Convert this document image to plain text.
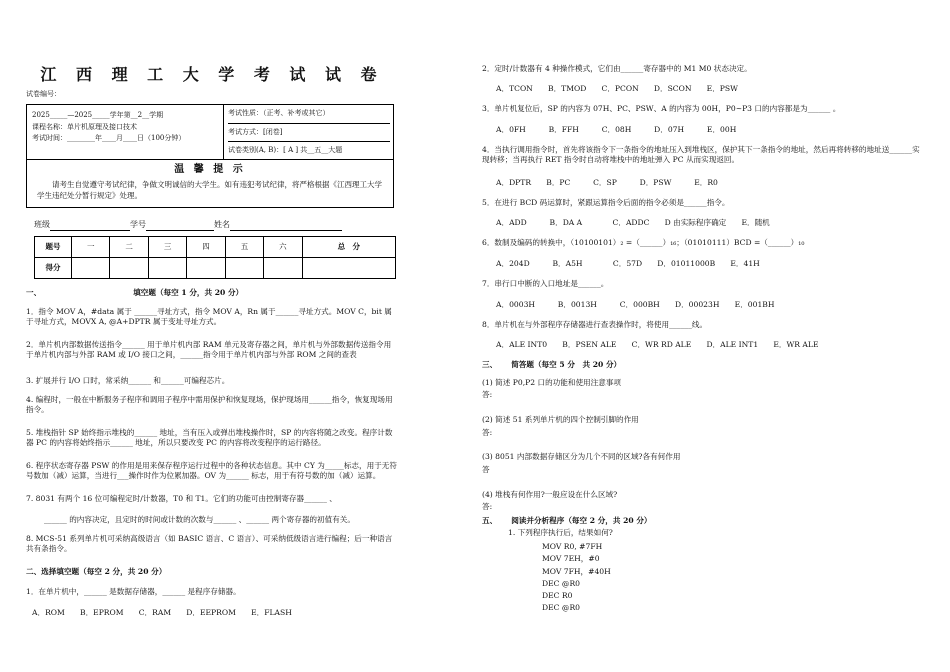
江 西 理 工 大 学 考 试 试 卷
试卷编号：
2025_____—2025_____学年第__2__学期
课程名称：单片机原理及接口技术
考试时间：________年____月____日（100分钟）
考试性质：（正考、补考或其它）
考试方式：[闭卷]
试卷类别(A, B)：[ A ] 共__五__大题
温 馨 提 示
请考生自觉遵守考试纪律，争做文明诚信的大学生。如有违犯考试纪律，将严格根据《江西理工大学学生违纪处分暂行规定》处理。
班级	学号	姓名
题号	一	二	三	四	五	六	总　分
得分							
一、	填空题（每空 1 分，共 20 分）
1．指令 MOV A，#data 属于 ______寻址方式，指令 MOV A，Rn 属于______寻址方式。MOV C，bit 属于寻址方式，MOVX A, @A+DPTR 属于变址寻址方式。
2．单片机内部数据传送指令______ 用于单片机内部 RAM 单元及寄存器之间，单片机与外部数据传送指令用于单片机内部与外部 RAM 或 I/O 接口之间，______指令用于单片机内部与外部 ROM 之间的查表
3. 扩展并行 I/O 口时，常采纳______ 和______可编程芯片。
4. 编程时，一般在中断服务子程序和调用子程序中需用保护和恢复现场，保护现场用______指令，恢复现场用指令。
5. 堆栈指针 SP 始终指示堆栈的______ 地址，当有压入或弹出堆栈操作时，SP 的内容将随之改变。程序计数器 PC 的内容将始终指示______ 地址，所以只要改变 PC 的内容将改变程序的运行路径。
6. 程序状态寄存器 PSW 的作用是用来保存程序运行过程中的各种状态信息。其中 CY 为_____标志，用于无符号数加（减）运算，当进行___操作时作为位累加器。OV 为______ 标志，用于有符号数的加（减）运算。
7. 8031 有两个 16 位可编程定时/计数器，T0 和 T1。它们的功能可由控制寄存器______ 、
______ 的内容决定，且定时的时间或计数的次数与______ 、______ 两个寄存器的初值有关。
8. MCS-51 系列单片机可采纳高级语言（如 BASIC 语言、C 语言）、可采纳低级语言进行编程；后一种语言共有条指令。
二、选择填空题（每空 2 分，共 20 分）
1．在单片机中，______ 是数据存储器，______ 是程序存储器。
A．ROM　　B．EPROM　　C．RAM　　D．EEPROM　　E．FLASH
2．定时/计数器有 4 种操作模式，它们由______寄存器中的 M1 M0 状态决定。
A．TCON　　B．TMOD　　C．PCON　　D．SCON　　E．PSW
3．单片机复位后，SP 的内容为 07H、PC、PSW、A 的内容为 00H，P0~P3 口的内容都是为______ 。
A．0FH　　　B．FFH　　　C．08H　　　D．07H　　　E．00H
4．当执行调用指令时，首先将该指令下一条指令的地址压入到堆栈区，保护其下一条指令的地址，然后再将转移的地址送______实现转移；当再执行 RET 指令时自动将堆栈中的地址弹入 PC 从而实现返回。
A．DPTR　　B．PC　　　C．SP　　　D．PSW　　　E．R0
5．在进行 BCD 码运算时，紧跟运算指令后面的指令必须是______指令。
A．ADD　　　B．DA A　　　　C．ADDC　　D 由实际程序确定　　E．随机
6．数制及编码的转换中，（10100101）₂ =（______）₁₆；（01010111）BCD =（______）₁₀
A．204D　　　B．A5H　　　　C．57D　　D．01011000B　　E．41H
7．串行口中断的入口地址是______。
A．0003H　　　B．0013H　　　C．000BH　　D．00023H　　E．001BH
8．单片机在与外部程序存储器进行查表操作时，将使用______线。
A．ALE INT0　　B．PSEN ALE　　C．WR RD ALE　　D．ALE INT1　　E．WR ALE
三、 简答题（每空 5 分　共 20 分）
(1) 简述 P0,P2 口的功能和使用注意事项
答:
(2) 简述 51 系列单片机的四个控制引脚的作用
答:
(3) 8051 内部数据存储区分为几个不同的区域?各有何作用
答
(4) 堆栈有何作用?一般应设在什么区域?
答:
五、 阅读并分析程序（每空 2 分，共 20 分）
1. 下列程序执行后，结果如何?
MOV R0, #7FH
MOV 7EH，#0
MOV 7FH，#40H
DEC @R0
DEC R0
DEC @R0
